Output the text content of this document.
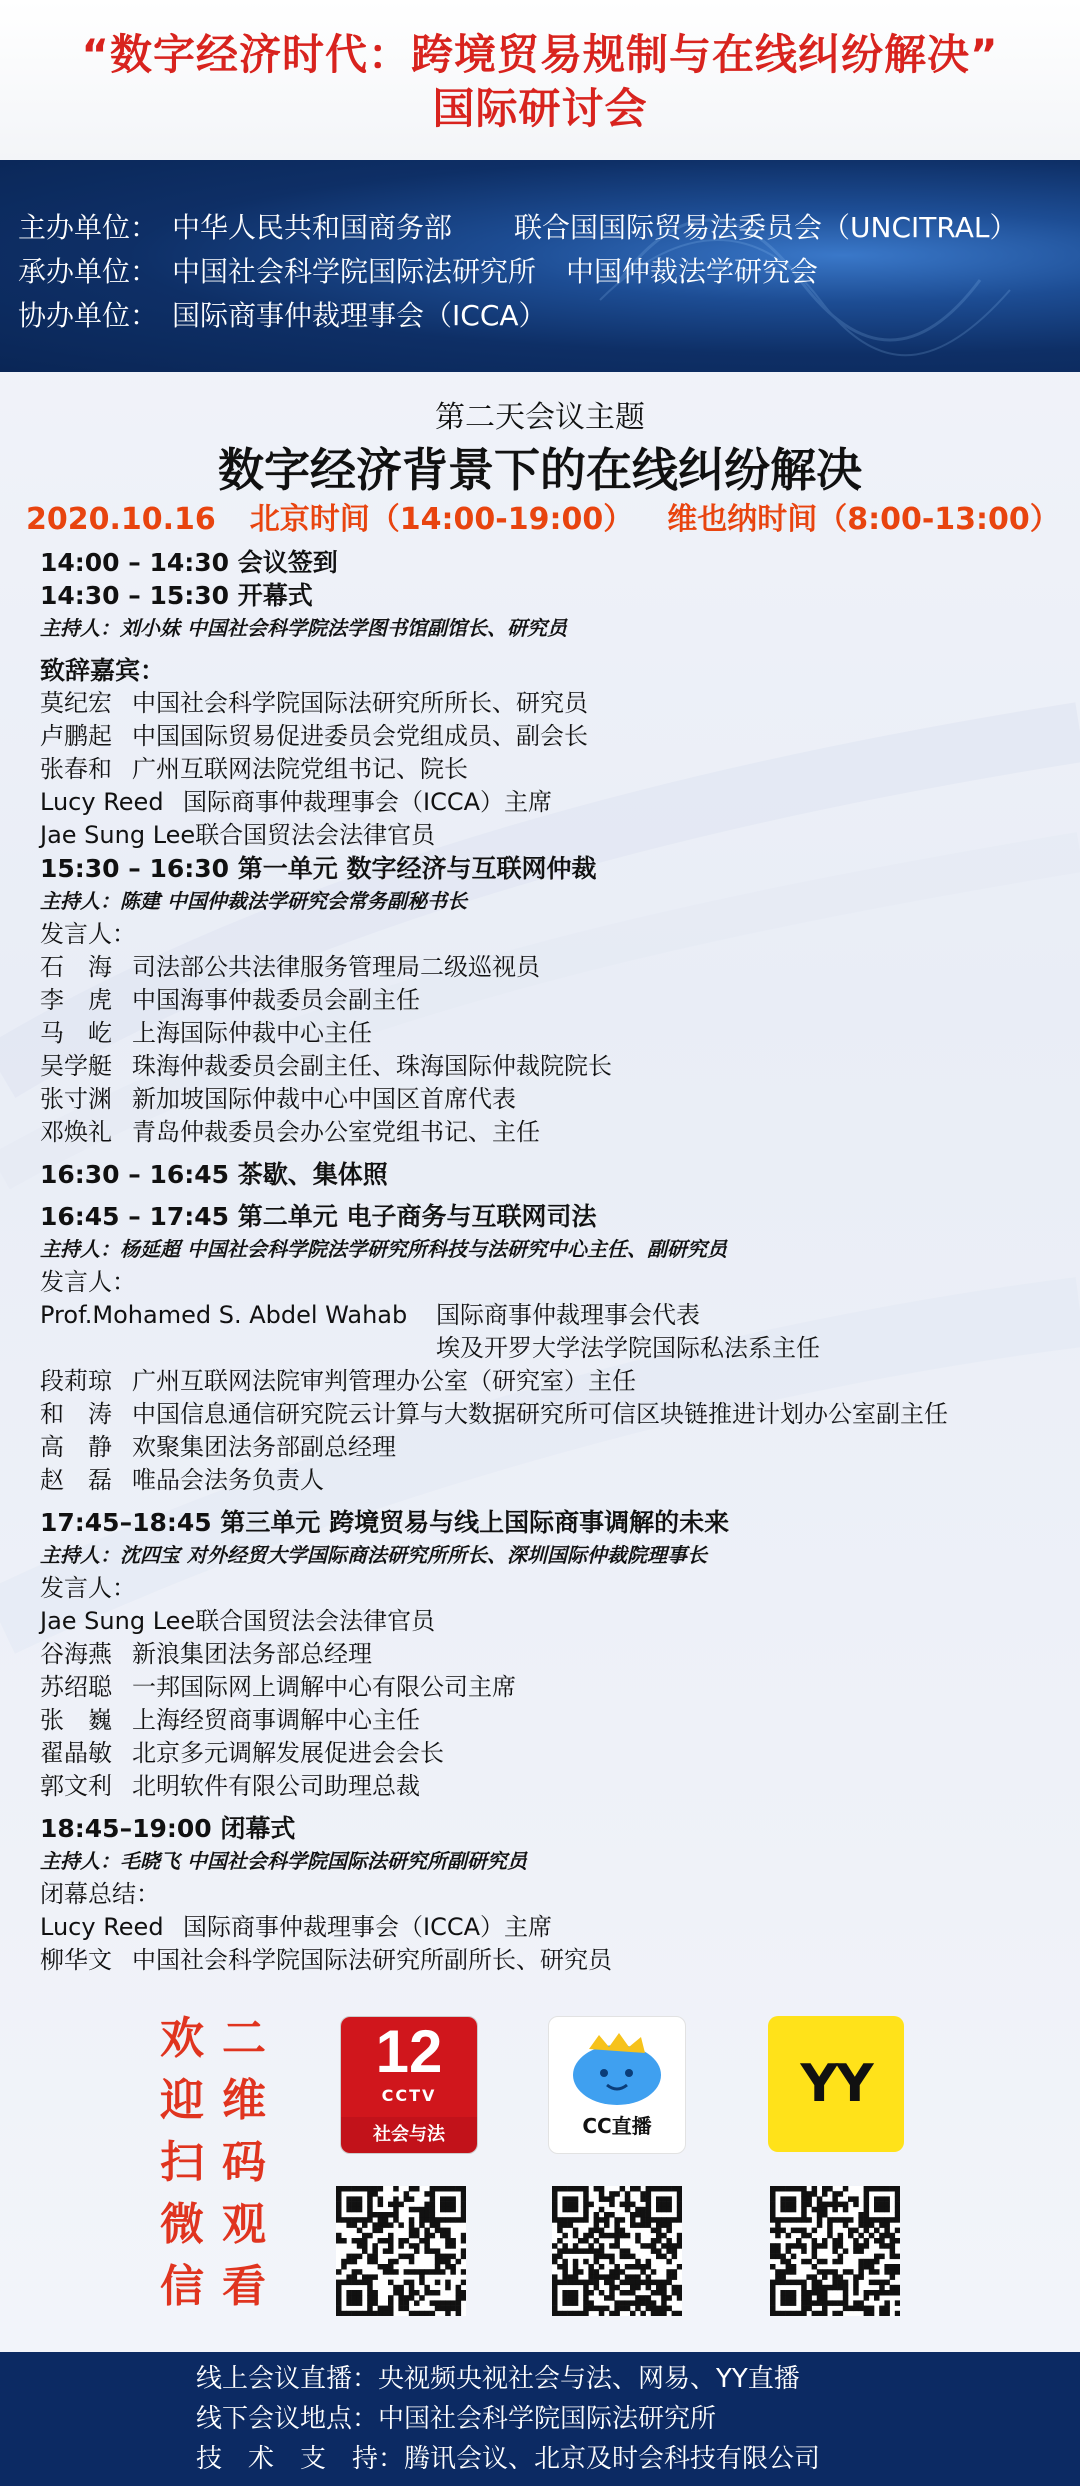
“数字经济时代：跨境贸易规制与在线纠纷解决”
国际研讨会
主办单位： 中华人民共和国商务部 联合国国际贸易法委员会（UNCITRAL）
承办单位： 中国社会科学院国际法研究所 中国仲裁法学研究会
协办单位： 国际商事仲裁理事会（ICCA）
第二天会议主题
数字经济背景下的在线纠纷解决
2020.10.16 北京时间（14:00-19:00） 维也纳时间（8:00-13:00）
14:00 – 14:30 会议签到
14:30 – 15:30 开幕式
主持人：刘小妹 中国社会科学院法学图书馆副馆长、研究员
致辞嘉宾：
莫纪宏 中国社会科学院国际法研究所所长、研究员
卢鹏起 中国国际贸易促进委员会党组成员、副会长
张春和 广州互联网法院党组书记、院长
Lucy Reed 国际商事仲裁理事会（ICCA）主席
Jae Sung Lee联合国贸法会法律官员
15:30 – 16:30 第一单元 数字经济与互联网仲裁
主持人：陈建 中国仲裁法学研究会常务副秘书长
发言人：
石　海 司法部公共法律服务管理局二级巡视员
李　虎 中国海事仲裁委员会副主任
马　屹 上海国际仲裁中心主任
吴学艇 珠海仲裁委员会副主任、珠海国际仲裁院院长
张寸渊 新加坡国际仲裁中心中国区首席代表
邓焕礼 青岛仲裁委员会办公室党组书记、主任
16:30 – 16:45 茶歇、集体照
16:45 – 17:45 第二单元 电子商务与互联网司法
主持人：杨延超 中国社会科学院法学研究所科技与法研究中心主任、副研究员
发言人：
Prof.Mohamed S. Abdel Wahab 国际商事仲裁理事会代表
埃及开罗大学法学院国际私法系主任
段莉琼 广州互联网法院审判管理办公室（研究室）主任
和　涛 中国信息通信研究院云计算与大数据研究所可信区块链推进计划办公室副主任
高　静 欢聚集团法务部副总经理
赵　磊 唯品会法务负责人
17:45–18:45 第三单元 跨境贸易与线上国际商事调解的未来
主持人：沈四宝 对外经贸大学国际商法研究所所长、深圳国际仲裁院理事长
发言人：
Jae Sung Lee联合国贸法会法律官员
谷海燕 新浪集团法务部总经理
苏绍聪 一邦国际网上调解中心有限公司主席
张　巍 上海经贸商事调解中心主任
翟晶敏 北京多元调解发展促进会会长
郭文利 北明软件有限公司助理总裁
18:45–19:00 闭幕式
主持人：毛晓飞 中国社会科学院国际法研究所副研究员
闭幕总结：
Lucy Reed 国际商事仲裁理事会（ICCA）主席
柳华文 中国社会科学院国际法研究所副所长、研究员
欢
迎
扫
微
信
二
维
码
观
看
12
CCTV
社会与法	CC直播
YY
线上会议直播：央视频央视社会与法、网易、YY直播
线下会议地点：中国社会科学院国际法研究所
技　术　支　持：腾讯会议、北京及时会科技有限公司
